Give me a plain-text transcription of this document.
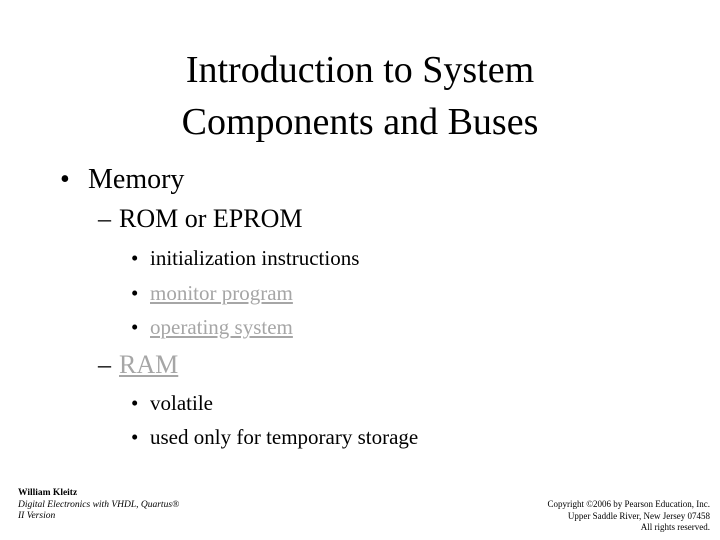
Introduction to System
Components and Buses
• Memory
– ROM or EPROM
• initialization instructions
• monitor program
• operating system
– RAM
• volatile
• used only for temporary storage
William Kleitz
Digital Electronics with VHDL, Quartus®
II Version
Copyright ©2006 by Pearson Education, Inc.
Upper Saddle River, New Jersey 07458
All rights reserved.
